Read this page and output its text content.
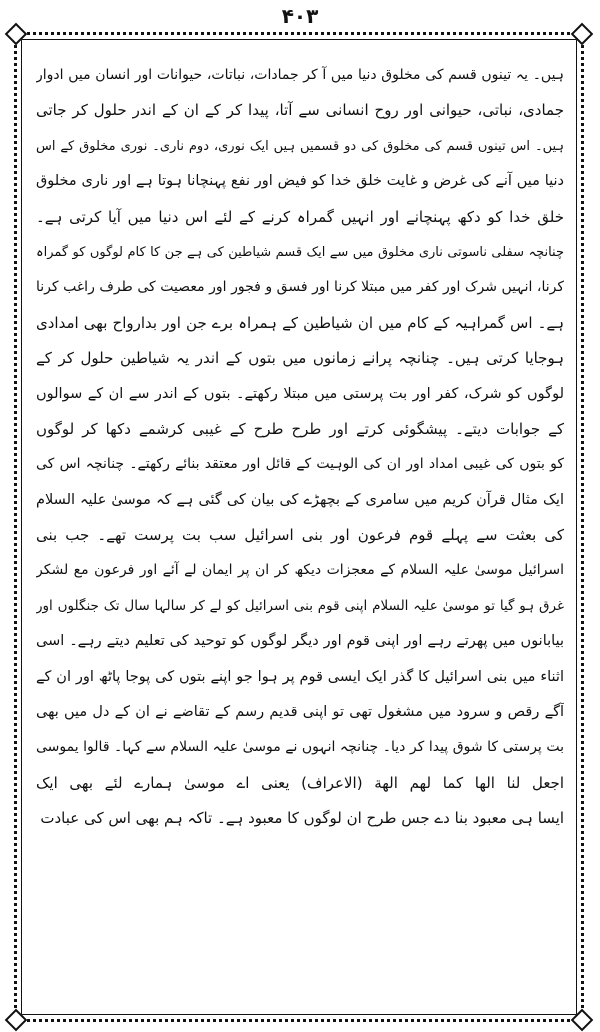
۴۰۳
ہیں۔ یہ تینوں قسم کی مخلوق دنیا میں آ کر جمادات، نباتات، حیوانات اور انسان میں ادوار
جمادی، نباتی، حیوانی اور روح انسانی سے آتا، پیدا کر کے ان کے اندر حلول کر جاتی
ہیں۔ اس تینوں قسم کی مخلوق کی دو قسمیں ہیں ایک نوری، دوم ناری۔ نوری مخلوق کے اس
دنیا میں آنے کی غرض و غایت خلق خدا کو فیض اور نفع پہنچانا ہوتا ہے اور ناری مخلوق
خلق خدا کو دکھ پہنچانے اور انہیں گمراہ کرنے کے لئے اس دنیا میں آیا کرتی ہے۔
چنانچہ سفلی ناسوتی ناری مخلوق میں سے ایک قسم شیاطین کی ہے جن کا کام لوگوں کو گمراہ
کرنا، انہیں شرک اور کفر میں مبتلا کرنا اور فسق و فجور اور معصیت کی طرف راغب کرنا
ہے۔ اس گمراہیہ کے کام میں ان شیاطین کے ہمراہ برے جن اور بدارواح بھی امدادی
ہوجایا کرتی ہیں۔ چنانچہ پرانے زمانوں میں بتوں کے اندر یہ شیاطین حلول کر کے
لوگوں کو شرک، کفر اور بت پرستی میں مبتلا رکھتے۔ بتوں کے اندر سے ان کے سوالوں
کے جوابات دیتے۔ پیشگوئی کرتے اور طرح طرح کے غیبی کرشمے دکھا کر لوگوں
کو بتوں کی غیبی امداد اور ان کی الوہیت کے قائل اور معتقد بنائے رکھتے۔ چنانچہ اس کی
ایک مثال قرآن کریم میں سامری کے بچھڑے کی بیان کی گئی ہے کہ موسیٰ علیہ السلام
کی بعثت سے پہلے قوم فرعون اور بنی اسرائیل سب بت پرست تھے۔ جب بنی
اسرائیل موسیٰ علیہ السلام کے معجزات دیکھ کر ان پر ایمان لے آئے اور فرعون مع لشکر
غرق ہو گیا تو موسیٰ علیہ السلام اپنی قوم بنی اسرائیل کو لے کر سالہا سال تک جنگلوں اور
بیابانوں میں پھرتے رہے اور اپنی قوم اور دیگر لوگوں کو توحید کی تعلیم دیتے رہے۔ اسی
اثناء میں بنی اسرائیل کا گذر ایک ایسی قوم پر ہوا جو اپنے بتوں کی پوجا پاٹھ اور ان کے
آگے رقص و سرود میں مشغول تھی تو اپنی قدیم رسم کے تقاضے نے ان کے دل میں بھی
بت پرستی کا شوق پیدا کر دیا۔ چنانچہ انہوں نے موسیٰ علیہ السلام سے کہا۔ قالوا یموسی
اجعل لنا الها کما لهم الهة (الاعراف) یعنی اے موسیٰ ہمارے لئے بھی ایک
ایسا ہی معبود بنا دے جس طرح ان لوگوں کا معبود ہے۔ تاکہ ہم بھی اس کی عبادت
